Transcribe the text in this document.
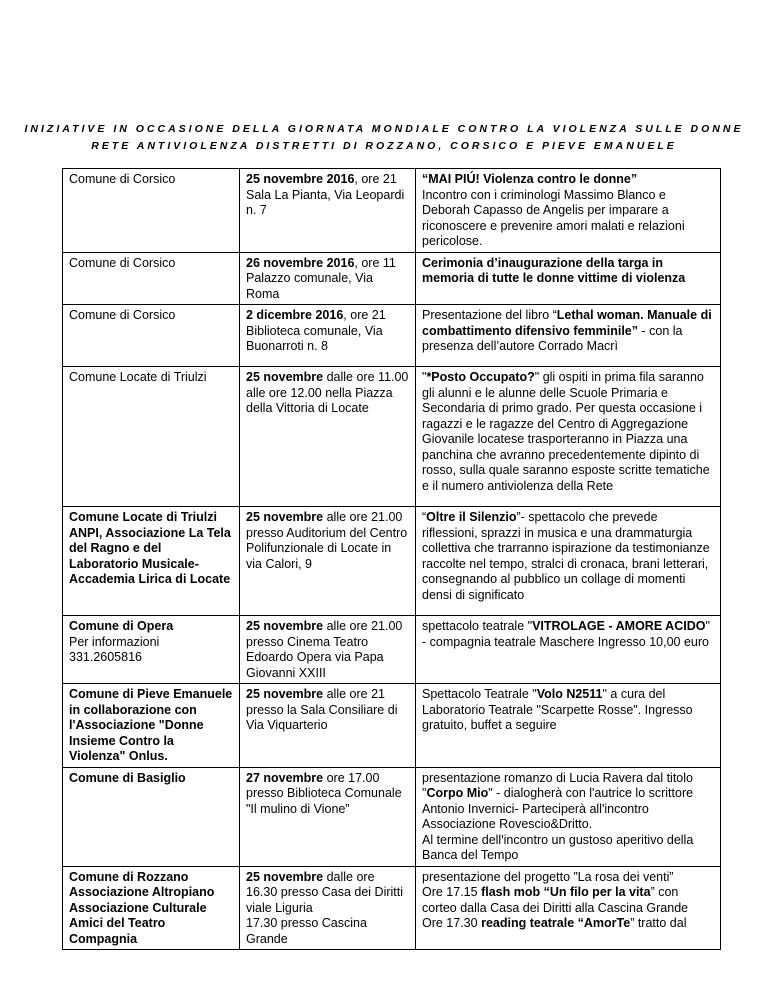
INIZIATIVE IN OCCASIONE DELLA GIORNATA MONDIALE CONTRO LA VIOLENZA SULLE DONNE
RETE ANTIVIOLENZA DISTRETTI DI ROZZANO, CORSICO E PIEVE EMANUELE
Comune di Corsico	25 novembre 2016, ore 21 Sala La Pianta, Via Leopardi n. 7	“MAI PIÚ! Violenza contro le donne”
Incontro con i criminologi Massimo Blanco e Deborah Capasso de Angelis per imparare a riconoscere e prevenire amori malati e relazioni pericolose.
Comune di Corsico	26 novembre 2016, ore 11 Palazzo comunale, Via Roma	Cerimonia d’inaugurazione della targa in memoria di tutte le donne vittime di violenza
Comune di Corsico	2 dicembre 2016, ore 21 Biblioteca comunale, Via Buonarroti n. 8	Presentazione del libro “Lethal woman. Manuale di combattimento difensivo femminile” - con la presenza dell’autore Corrado Macrì
Comune Locate di Triulzi	25 novembre dalle ore 11.00 alle ore 12.00 nella Piazza della Vittoria di Locate	"*Posto Occupato?" gli ospiti in prima fila saranno gli alunni e le alunne delle Scuole Primaria e Secondaria di primo grado. Per questa occasione i ragazzi e le ragazze del Centro di Aggregazione Giovanile locatese trasporteranno in Piazza una panchina che avranno precedentemente dipinto di rosso, sulla quale saranno esposte scritte tematiche e il numero antiviolenza della Rete
Comune Locate di Triulzi ANPI, Associazione La Tela del Ragno e del Laboratorio Musicale-Accademia Lirica di Locate	25 novembre alle ore 21.00 presso Auditorium del Centro Polifunzionale di Locate in via Calori, 9	“Oltre il Silenzio”- spettacolo che prevede riflessioni, sprazzi in musica e una drammaturgia collettiva che trarranno ispirazione da testimonianze raccolte nel tempo, stralci di cronaca, brani letterari, consegnando al pubblico un collage di momenti densi di significato

Comune di Opera
Per informazioni 331.2605816	25 novembre alle ore 21.00 presso Cinema Teatro Edoardo Opera via Papa Giovanni XXIII	spettacolo teatrale "VITROLAGE - AMORE ACIDO" - compagnia teatrale Maschere Ingresso 10,00 euro
Comune di Pieve Emanuele in collaborazione con l'Associazione "Donne Insieme Contro la Violenza" Onlus.	25 novembre alle ore 21 presso la Sala Consiliare di Via Viquarterio	Spettacolo Teatrale "Volo N2511" a cura del Laboratorio Teatrale "Scarpette Rosse". Ingresso gratuito, buffet a seguire
Comune di Basiglio	27 novembre ore 17.00 presso Biblioteca Comunale "Il mulino di Vione”	presentazione romanzo di Lucia Ravera dal titolo "Corpo Mio" - dialogherà con l'autrice lo scrittore Antonio Invernici- Parteciperà all'incontro Associazione Rovescio&Dritto.
Al termine dell'incontro un gustoso aperitivo della Banca del Tempo

Comune di Rozzano Associazione Altropiano Associazione Culturale Amici del Teatro Compagnia	25 novembre dalle ore 16.30 presso Casa dei Diritti viale Liguria
17.30 presso Cascina Grande	presentazione del progetto ”La rosa dei venti”
Ore 17.15 flash mob “Un filo per la vita” con corteo dalla Casa dei Diritti alla Cascina Grande
Ore 17.30 reading teatrale “AmorTe” tratto dal
